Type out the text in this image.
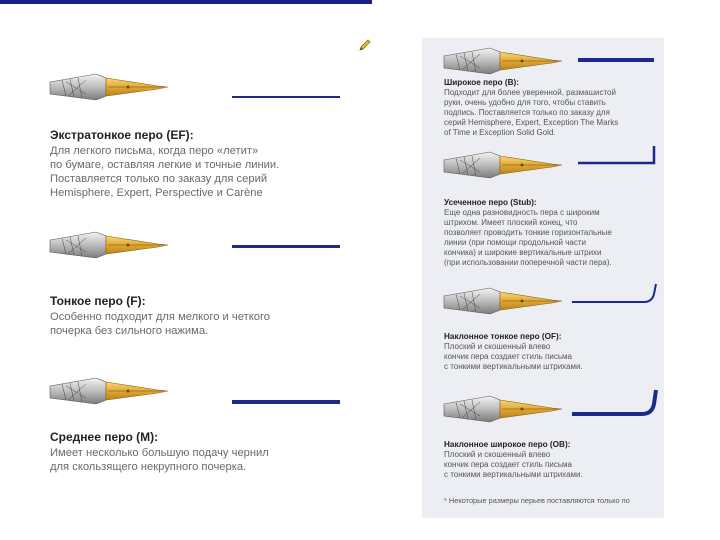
Экстратонкое перо (EF):
Для легкого письма, когда перо «летит»
по бумаге, оставляя легкие и точные линии.
Поставляется только по заказу для серий
Hemisphere, Expert, Perspective и Carène
Тонкое перо (F):
Особенно подходит для мелкого и четкого
почерка без сильного нажима.
Среднее перо (M):
Имеет несколько большую подачу чернил
для скользящего некрупного почерка.
Широкое перо (B):
Подходит для более уверенной, размашистой
руки, очень удобно для того, чтобы ставить
подпись. Поставляется только по заказу для
серий Hemisphere, Expert, Exception The Marks
of Time и Exception Solid Gold.
Усеченное перо (Stub):
Еще одна разновидность пера с широким
штрихом. Имеет плоский конец, что
позволяет проводить тонкие горизонтальные
линии (при помощи продольной части
кончика) и широкие вертикальные штрихи
(при использовании поперечной части пера).
Наклонное тонкое перо (OF):
Плоский и скошенный влево
кончик пера создает стиль письма
с тонкими вертикальными штрихами.
Наклонное широкое перо (OB):
Плоский и скошенный влево
кончик пера создает стиль письма
с тонкими вертикальными штрихами.
* Некоторые размеры перьев поставляются только по
